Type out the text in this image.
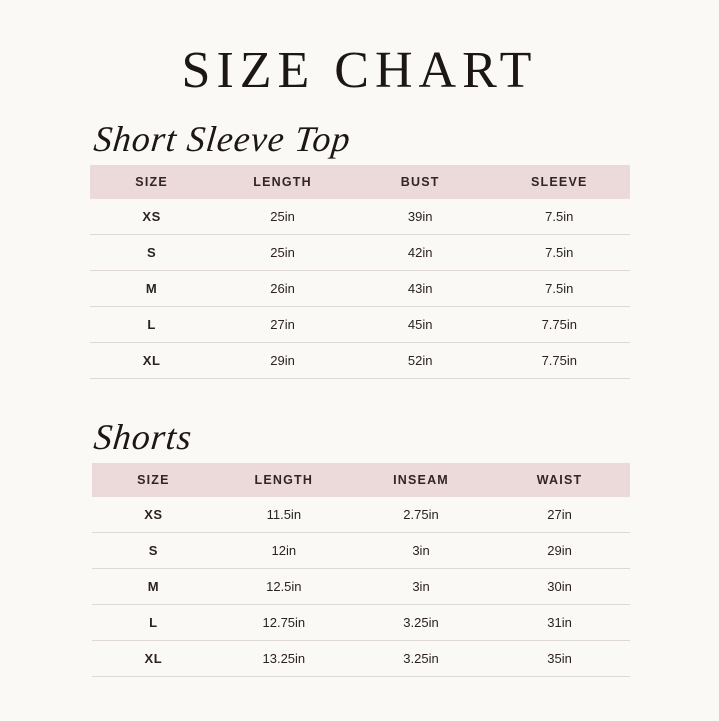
SIZE CHART
Short Sleeve Top
SIZE	LENGTH	BUST	SLEEVE
XS	25in	39in	7.5in
S	25in	42in	7.5in
M	26in	43in	7.5in
L	27in	45in	7.75in
XL	29in	52in	7.75in
Shorts
SIZE	LENGTH	INSEAM	WAIST
XS	11.5in	2.75in	27in
S	12in	3in	29in
M	12.5in	3in	30in
L	12.75in	3.25in	31in
XL	13.25in	3.25in	35in
